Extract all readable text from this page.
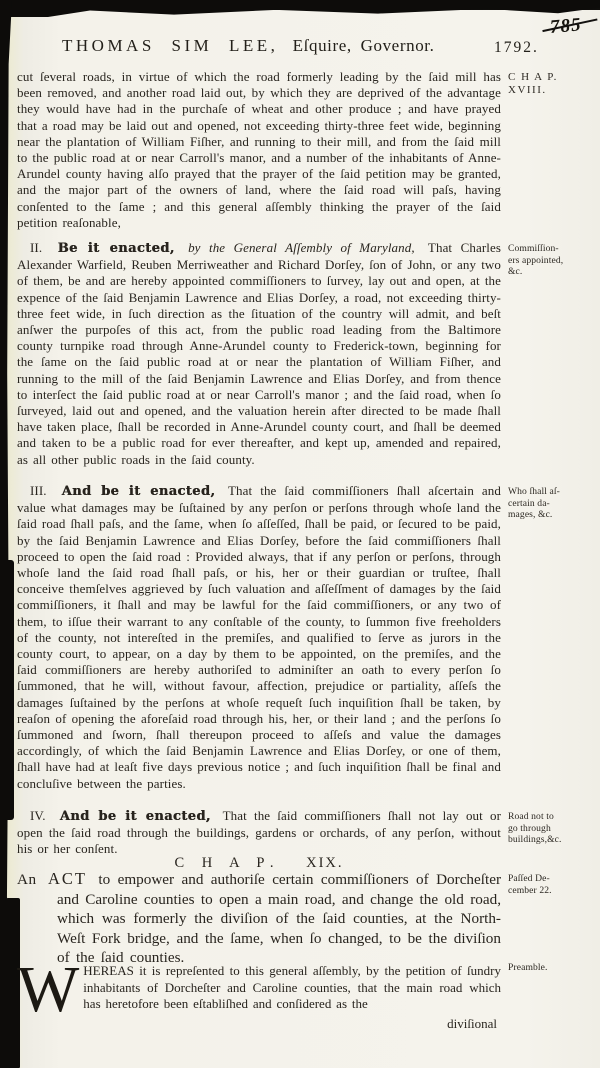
785
THOMAS SIM LEE, Eſquire, Governor.	1792.

cut ſeveral roads, in virtue of which the road formerly leading by the ſaid mill has been removed, and another road laid out, by which they are deprived of the advantage they would have had in the purchaſe of wheat and other produce ; and have prayed that a road may be laid out and opened, not exceeding thirty-three feet wide, beginning near the plantation of William Fiſher, and running to their mill, and from the ſaid mill to the public road at or near Carroll's manor, and a number of the inhabitants of Anne-Arundel county having alſo prayed that the prayer of the ſaid petition may be granted, and the major part of the owners of land, where the ſaid road will paſs, having conſented to the ſame ; and this general aſſembly thinking the prayer of the ſaid petition reaſonable,

II. Be it enacted, by the General Aſſembly of Maryland, That Charles Alexander Warfield, Reuben Merriweather and Richard Dorſey, ſon of John, or any two of them, be and are hereby appointed commiſſioners to ſurvey, lay out and open, at the expence of the ſaid Benjamin Lawrence and Elias Dorſey, a road, not exceeding thirty-three feet wide, in ſuch direction as the ſituation of the country will admit, and beſt anſwer the purpoſes of this act, from the public road leading from the Baltimore county turnpike road through Anne-Arundel county to Frederick-town, beginning for the ſame on the ſaid public road at or near the plantation of William Fiſher, and running to the mill of the ſaid Benjamin Lawrence and Elias Dorſey, and from thence to interſect the ſaid public road at or near Carroll's manor ; and the ſaid road, when ſo ſurveyed, laid out and opened, and the valuation herein after directed to be made ſhall have taken place, ſhall be recorded in Anne-Arundel county court, and ſhall be deemed and taken to be a public road for ever thereafter, and kept up, amended and repaired, as all other public roads in the ſaid county.

III. And be it enacted, That the ſaid commiſſioners ſhall aſcertain and value what damages may be ſuſtained by any perſon or perſons through whoſe land the ſaid road ſhall paſs, and the ſame, when ſo aſſeſſed, ſhall be paid, or ſecured to be paid, by the ſaid Benjamin Lawrence and Elias Dorſey, before the ſaid commiſſioners ſhall proceed to open the ſaid road : Provided always, that if any perſon or perſons, through whoſe land the ſaid road ſhall paſs, or his, her or their guardian or truſtee, ſhall conceive themſelves aggrieved by ſuch valuation and aſſeſſment of damages by the ſaid commiſſioners, it ſhall and may be lawful for the ſaid commiſſioners, or any two of them, to iſſue their warrant to any conſtable of the county, to ſummon five freeholders of the county, not intereſted in the premiſes, and qualified to ſerve as jurors in the county court, to appear, on a day by them to be appointed, on the premiſes, and the ſaid commiſſioners are hereby authoriſed to adminiſter an oath to every perſon ſo ſummoned, that he will, without favour, affection, prejudice or partiality, aſſeſs the damages ſuſtained by the perſons at whoſe requeſt ſuch inquiſition ſhall be taken, by reaſon of opening the aforeſaid road through his, her, or their land ; and the perſons ſo ſummoned and ſworn, ſhall thereupon proceed to aſſeſs and value the damages accordingly, of which the ſaid Benjamin Lawrence and Elias Dorſey, or one of them, ſhall have had at leaſt five days previous notice ; and ſuch inquiſition ſhall be final and concluſive between the parties.

IV. And be it enacted, That the ſaid commiſſioners ſhall not lay out or open the ſaid road through the buildings, gardens or orchards, of any perſon, without his or her conſent.

C H A P. XIX.
An ACT to empower and authoriſe certain commiſſioners of Dorcheſter and Caroline counties to open a main road, and change the old road, which was formerly the diviſion of the ſaid counties, at the North-Weſt Fork bridge, and the ſame, when ſo changed, to be the diviſion of the ſaid counties.
W HEREAS it is repreſented to this general aſſembly, by the petition of ſundry inhabitants of Dorcheſter and Caroline counties, that the main road which has heretofore been eſtabliſhed and conſidered as the
diviſional
C H A P.
XVIII.
Commiſſion-
ers appointed,
&c.
Who ſhall aſ-
certain da-
mages, &c.
Road not to
go through
buildings,&c.
Paſſed De-
cember 22.
Preamble.
